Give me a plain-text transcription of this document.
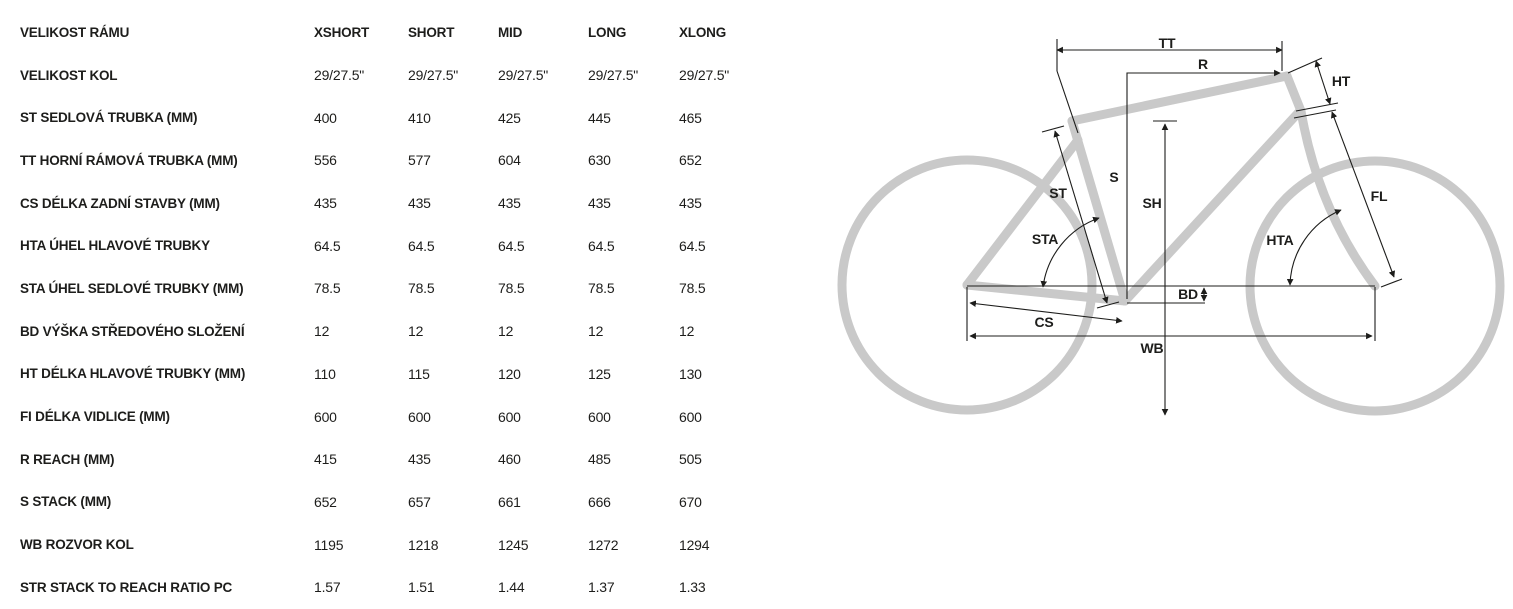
VELIKOST RÁMU	XSHORT	SHORT	MID	LONG	XLONG
VELIKOST KOL	29/27.5"	29/27.5"	29/27.5"	29/27.5"	29/27.5"
ST SEDLOVÁ TRUBKA (MM)	400	410	425	445	465
TT HORNÍ RÁMOVÁ TRUBKA (MM)	556	577	604	630	652
CS DÉLKA ZADNÍ STAVBY (MM)	435	435	435	435	435
HTA ÚHEL HLAVOVÉ TRUBKY	64.5	64.5	64.5	64.5	64.5
STA ÚHEL SEDLOVÉ TRUBKY (MM)	78.5	78.5	78.5	78.5	78.5
BD VÝŠKA STŘEDOVÉHO SLOŽENÍ	12	12	12	12	12
HT DÉLKA HLAVOVÉ TRUBKY (MM)	110	115	120	125	130
FI DÉLKA VIDLICE (MM)	600	600	600	600	600
R REACH (MM)	415	435	460	485	505
S STACK (MM)	652	657	661	666	670
WB ROZVOR KOL	1195	1218	1245	1272	1294
STR STACK TO REACH RATIO PC	1.57	1.51	1.44	1.37	1.33
TT
R
HT
ST
S
SH
STA	HTA
FL
BD
CS
WB
